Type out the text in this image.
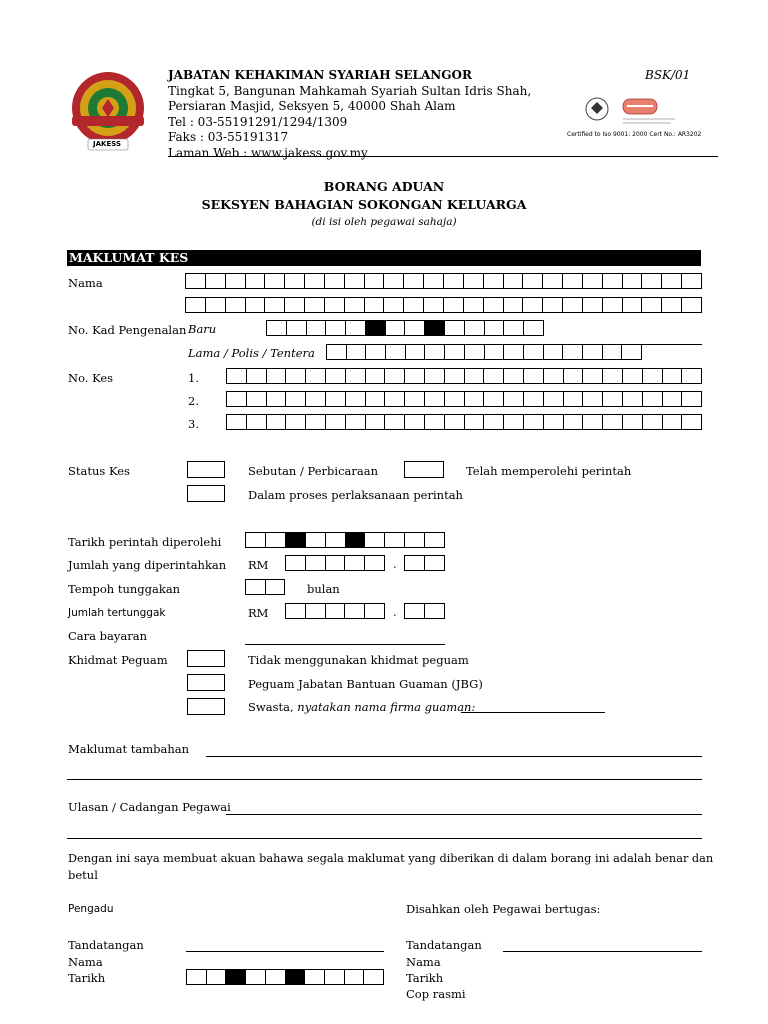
JAKESS
JABATAN KEHAKIMAN SYARIAH SELANGOR
Tingkat 5, Bangunan Mahkamah Syariah Sultan Idris Shah,
Persiaran Masjid, Seksyen 5, 40000 Shah Alam
Tel : 03-55191291/1294/1309
Faks : 03-55191317
Laman Web : www.jakess.gov.my
BSK/01
Certified to Iso 9001: 2000 Cert No.: AR3202
BORANG ADUAN
SEKSYEN BAHAGIAN SOKONGAN KELUARGA
(di isi oleh pegawai sahaja)
MAKLUMAT KES
Nama
No. Kad Pengenalan Baru
Lama / Polis / Tentera
No. Kes	1.
2.
3.
Status Kes	Sebutan / Perbicaraan	Telah memperolehi perintah
Dalam proses perlaksanaan perintah
Tarikh perintah diperolehi
Jumlah yang diperintahkan RM	.
Tempoh tunggakan	bulan
Jumlah tertunggak	RM	.
Cara bayaran
Khidmat Peguam	Tidak menggunakan khidmat peguam
Peguam Jabatan Bantuan Guaman (JBG)
Swasta, nyatakan nama firma guaman:
Maklumat tambahan
Ulasan / Cadangan Pegawai
Dengan ini saya membuat akuan bahawa segala maklumat yang diberikan di dalam borang ini adalah benar dan
betul
Pengadu	Disahkan oleh Pegawai bertugas:
Tandatangan
Nama
Tarikh
Tandatangan
Nama
Tarikh
Cop rasmi
